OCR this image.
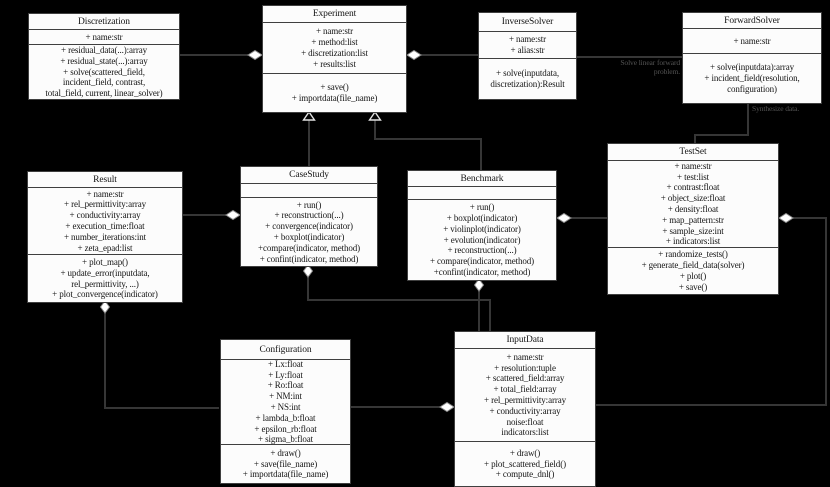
Discretization
+ name:str
+ residual_data(...):array
+ residual_state(...):array
+ solve(scattered_field,
incident_field, contrast,
total_field, current, linear_solver)
Experiment
+ name:str
+ method:list
+ discretization:list
+ results:list
+ save()
+ importdata(file_name)
InverseSolver
+ name:str
+ alias:str
+ solve(inputdata,
discretization):Result
ForwardSolver
+ name:str
+ solve(inputdata):array
+ incident_field(resolution,
configuration)
Result
+ name:str
+ rel_permittivity:array
+ conductivity:array
+ execution_time:float
+ number_iterations:int
+ zeta_epad:list
+ plot_map()
+ update_error(inputdata,
rel_permittivity, ...)
+ plot_convergence(indicator)
CaseStudy
+ run()
+ reconstruction(...)
+ convergence(indicator)
+ boxplot(indicator)
+compare(indicator, method)
+ confint(indicator, method)
Benchmark
+ run()
+ boxplot(indicator)
+ violinplot(indicator)
+ evolution(indicator)
+ reconstruction(...)
+ compare(indicator, method)
+confint(indicator, method)
TestSet
+ name:str
+ test:list
+ contrast:float
+ object_size:float
+ density:float
+ map_pattern:str
+ sample_size:int
+ indicators:list
+ randomize_tests()
+ generate_field_data(solver)
+ plot()
+ save()
Configuration
+ Lx:float
+ Ly:float
+ Ro:float
+ NM:int
+ NS:int
+ lambda_b:float
+ epsilon_rb:float
+ sigma_b:float
+ draw()
+ save(file_name)
+ importdata(file_name)
InputData
+ name:str
+ resolution:tuple
+ scattered_field:array
+ total_field:array
+ rel_permittivity:array
+ conductivity:array
noise:float
indicators:list
+ draw()
+ plot_scattered_field()
+ compute_dnl()
Solve linear forward problem.
Synthesize data.
